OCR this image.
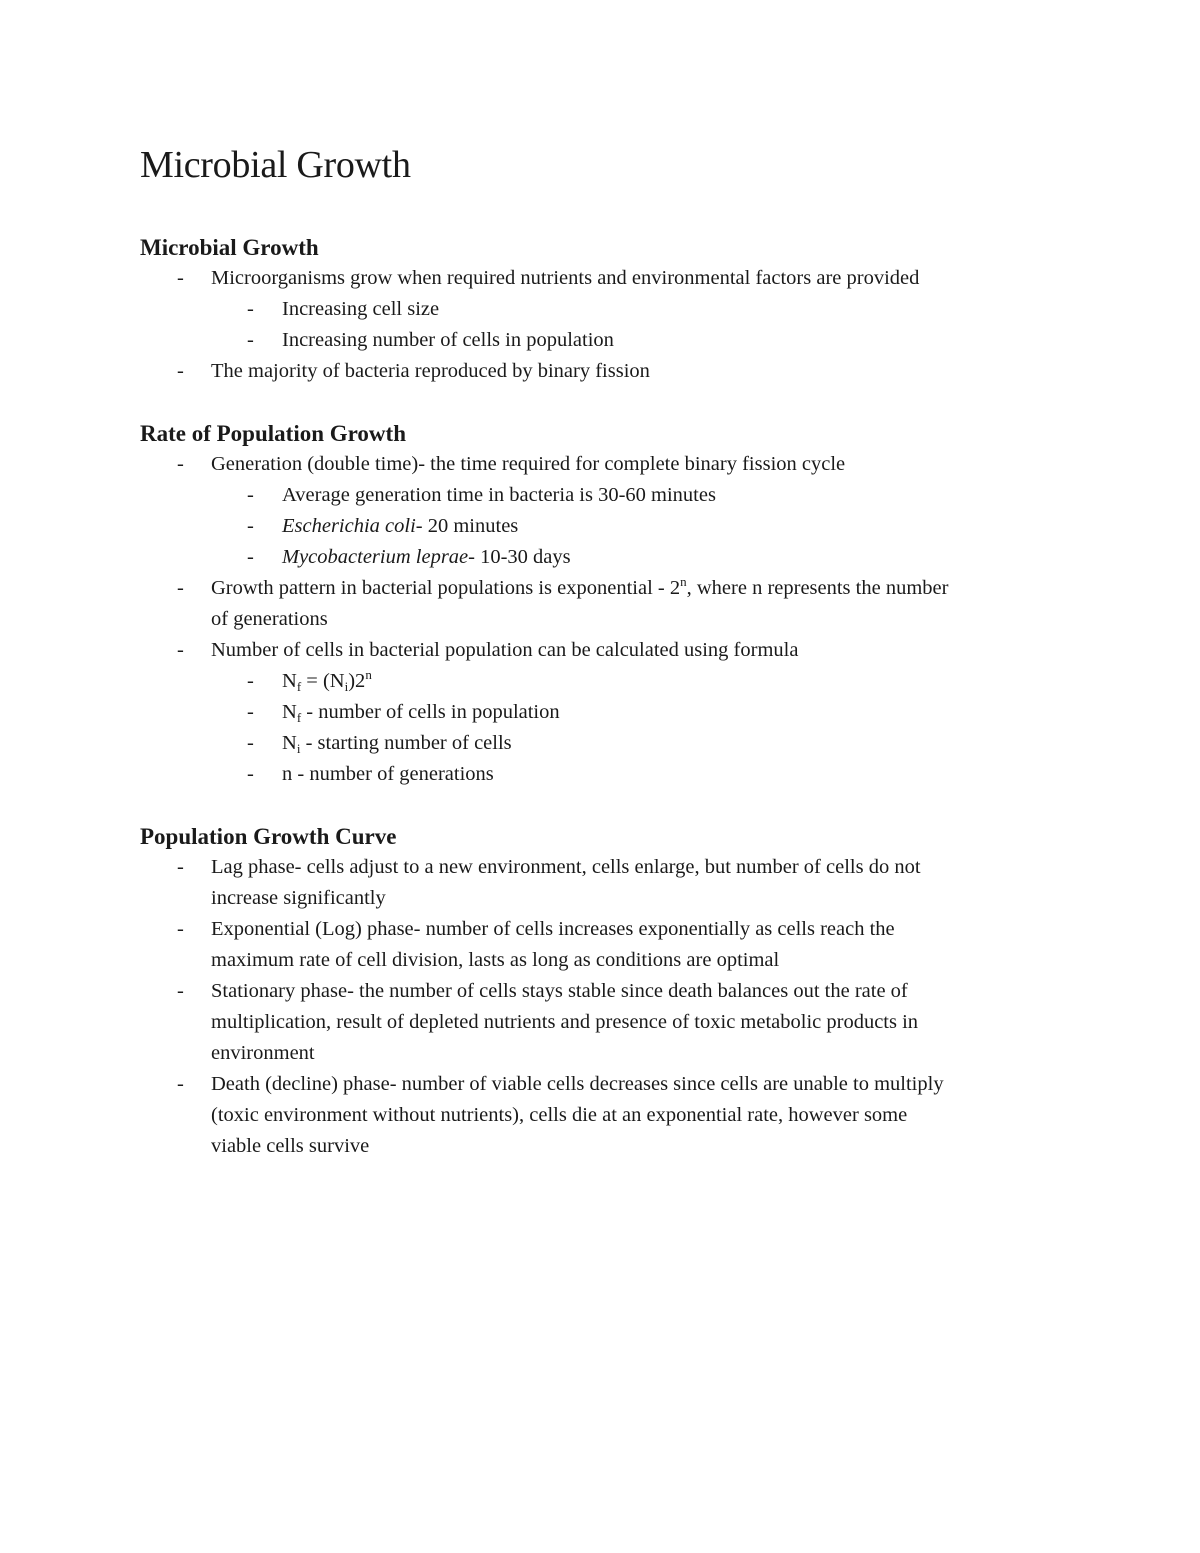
Microbial Growth
Microbial Growth
- Microorganisms grow when required nutrients and environmental factors are provided
- Increasing cell size
- Increasing number of cells in population
- The majority of bacteria reproduced by binary fission
Rate of Population Growth
- Generation (double time)- the time required for complete binary fission cycle
- Average generation time in bacteria is 30-60 minutes
- Escherichia coli- 20 minutes
- Mycobacterium leprae- 10-30 days
- Growth pattern in bacterial populations is exponential - 2$^n$, where n represents the number
of generations
- Number of cells in bacterial population can be calculated using formula
- $N_f = (N_i)2^n$
- $N_f$ - number of cells in population
- $N_i$ - starting number of cells
- n - number of generations
Population Growth Curve
- Lag phase- cells adjust to a new environment, cells enlarge, but number of cells do not
increase significantly
- Exponential (Log) phase- number of cells increases exponentially as cells reach the
maximum rate of cell division, lasts as long as conditions are optimal
- Stationary phase- the number of cells stays stable since death balances out the rate of
multiplication, result of depleted nutrients and presence of toxic metabolic products in
environment
- Death (decline) phase- number of viable cells decreases since cells are unable to multiply
(toxic environment without nutrients), cells die at an exponential rate, however some
viable cells survive
